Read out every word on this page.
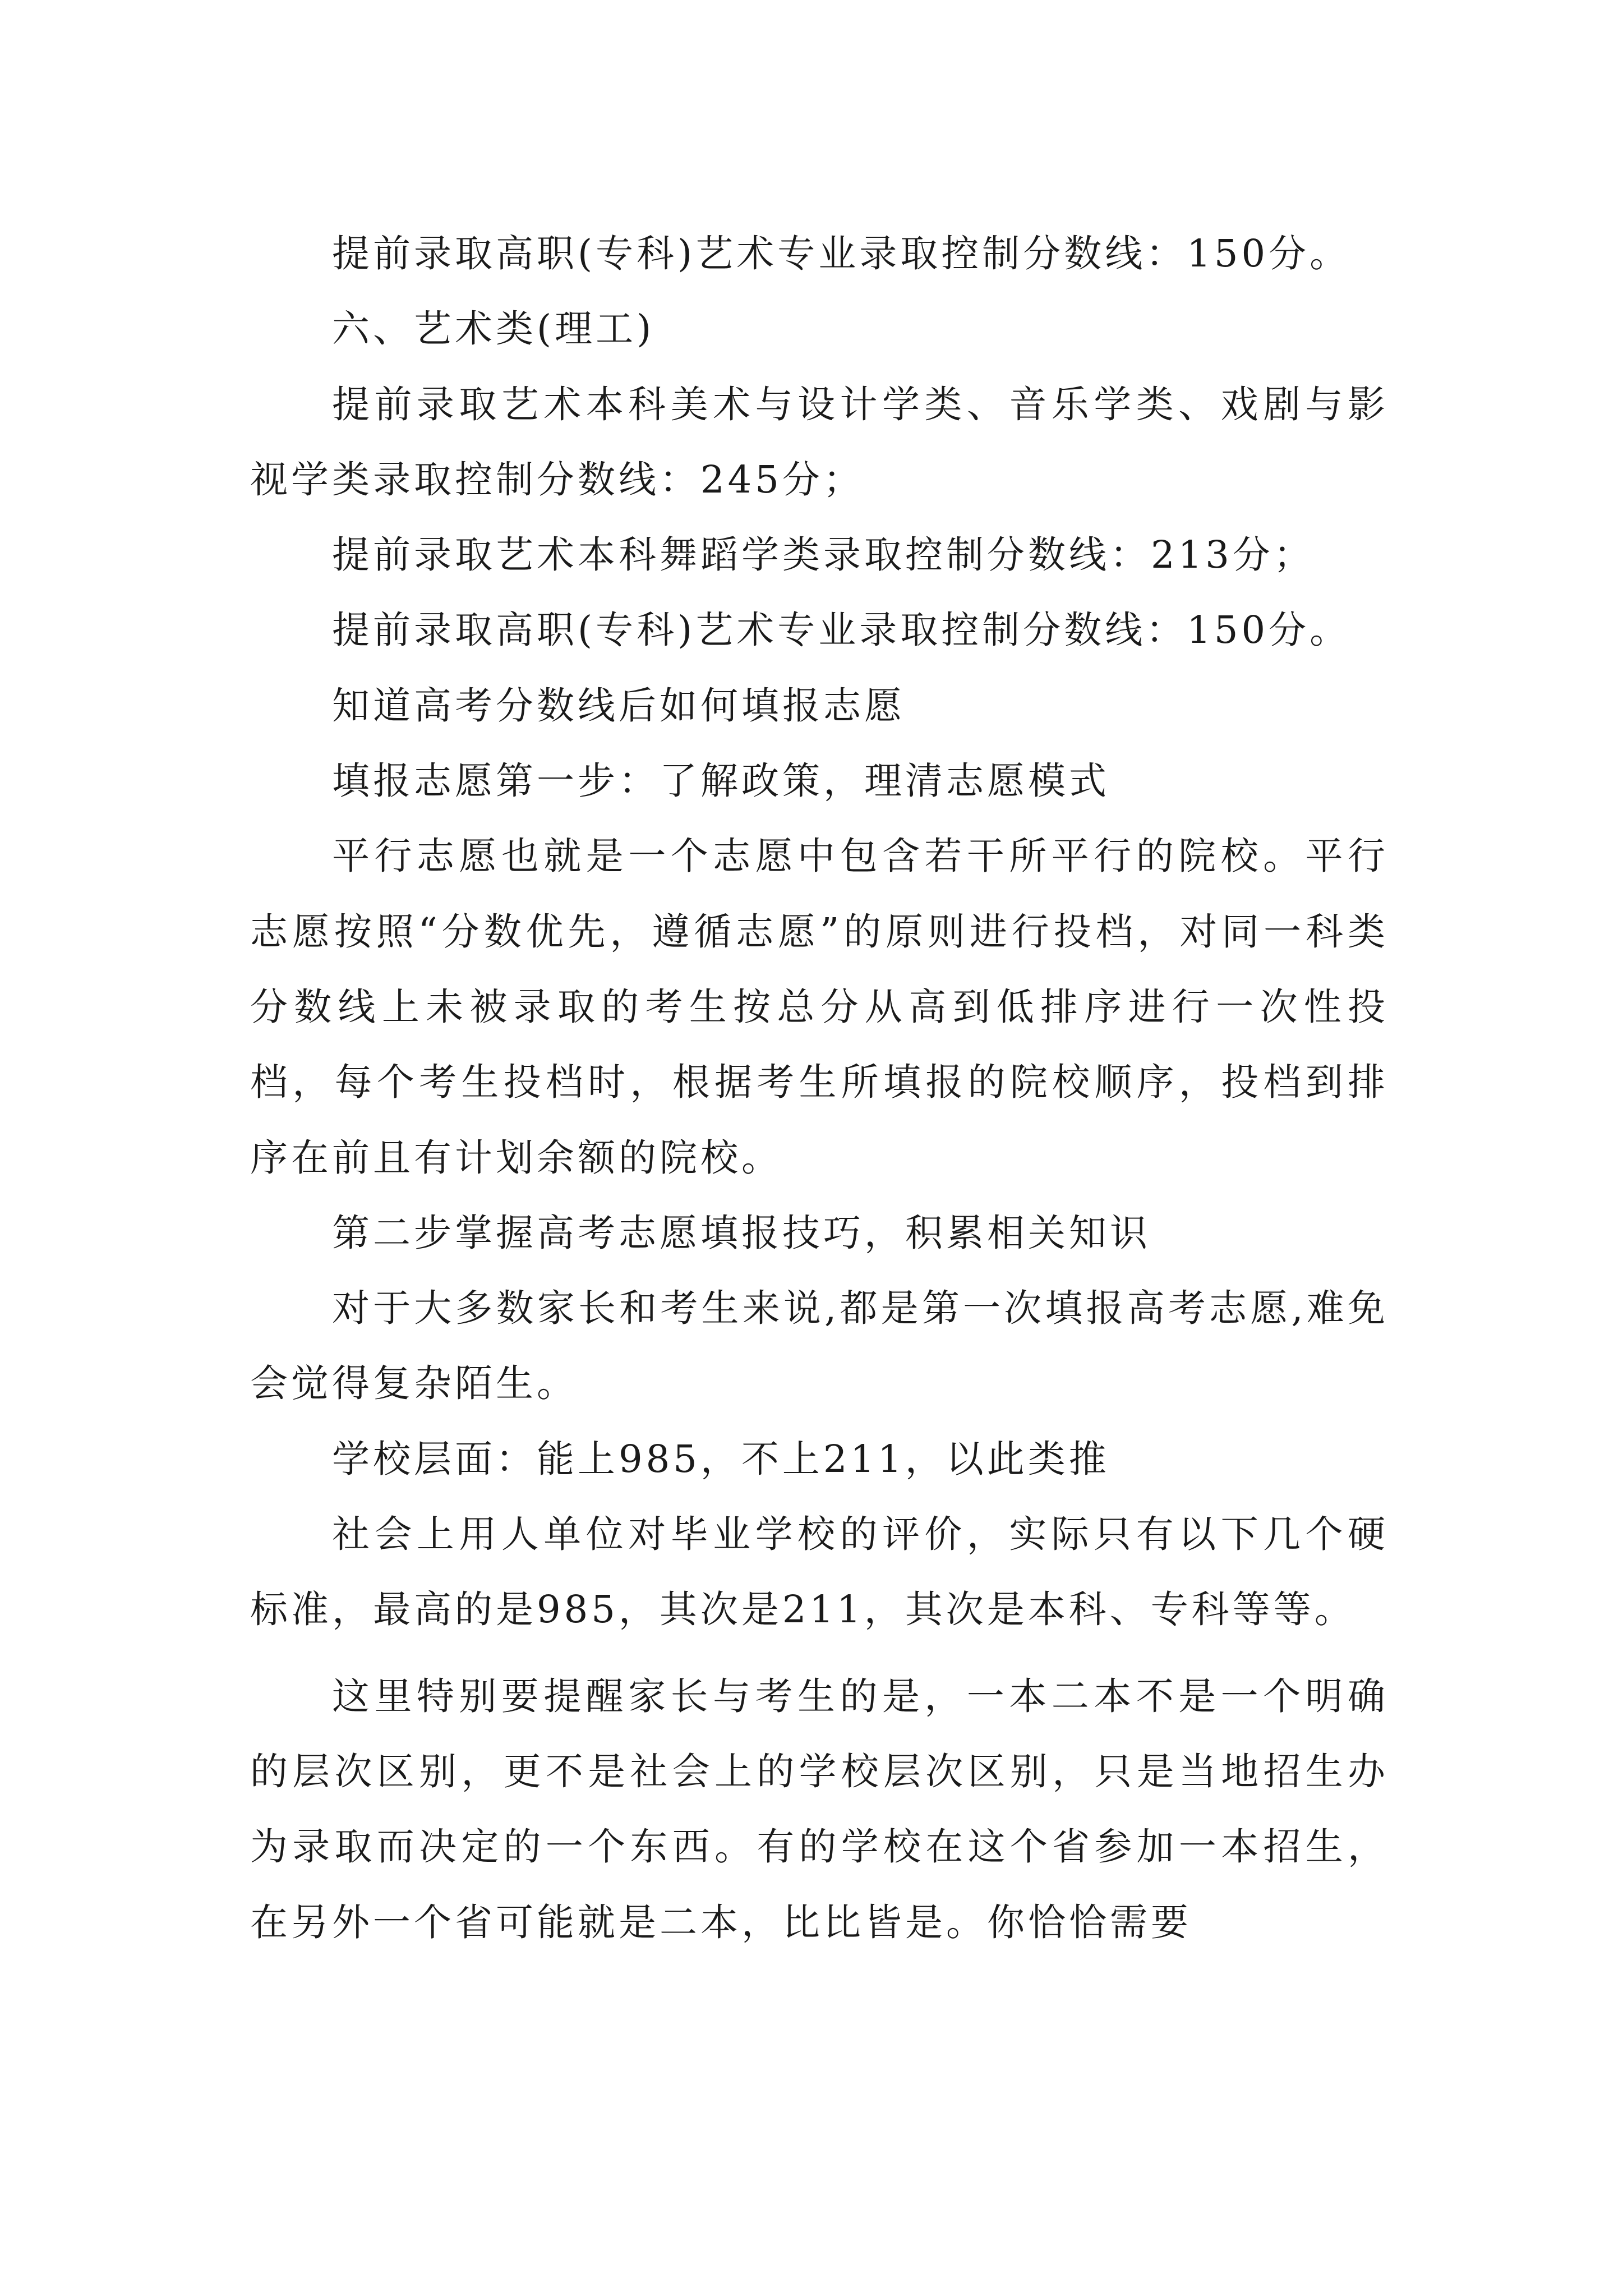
提前录取高职(专科)艺术专业录取控制分数线：150分。

六、艺术类(理工)

提前录取艺术本科美术与设计学类、音乐学类、戏剧与影视学类录取控制分数线：245分；

提前录取艺术本科舞蹈学类录取控制分数线：213分；

提前录取高职(专科)艺术专业录取控制分数线：150分。

知道高考分数线后如何填报志愿

填报志愿第一步：了解政策，理清志愿模式

平行志愿也就是一个志愿中包含若干所平行的院校。平行志愿按照“分数优先，遵循志愿”的原则进行投档，对同一科类分数线上未被录取的考生按总分从高到低排序进行一次性投档，每个考生投档时，根据考生所填报的院校顺序，投档到排序在前且有计划余额的院校。

第二步掌握高考志愿填报技巧，积累相关知识

对于大多数家长和考生来说,都是第一次填报高考志愿,难免会觉得复杂陌生。

学校层面：能上985，不上211，以此类推

社会上用人单位对毕业学校的评价，实际只有以下几个硬标准，最高的是985，其次是211，其次是本科、专科等等。

这里特别要提醒家长与考生的是，一本二本不是一个明确的层次区别，更不是社会上的学校层次区别，只是当地招生办为录取而决定的一个东西。有的学校在这个省参加一本招生，在另外一个省可能就是二本，比比皆是。你恰恰需要
